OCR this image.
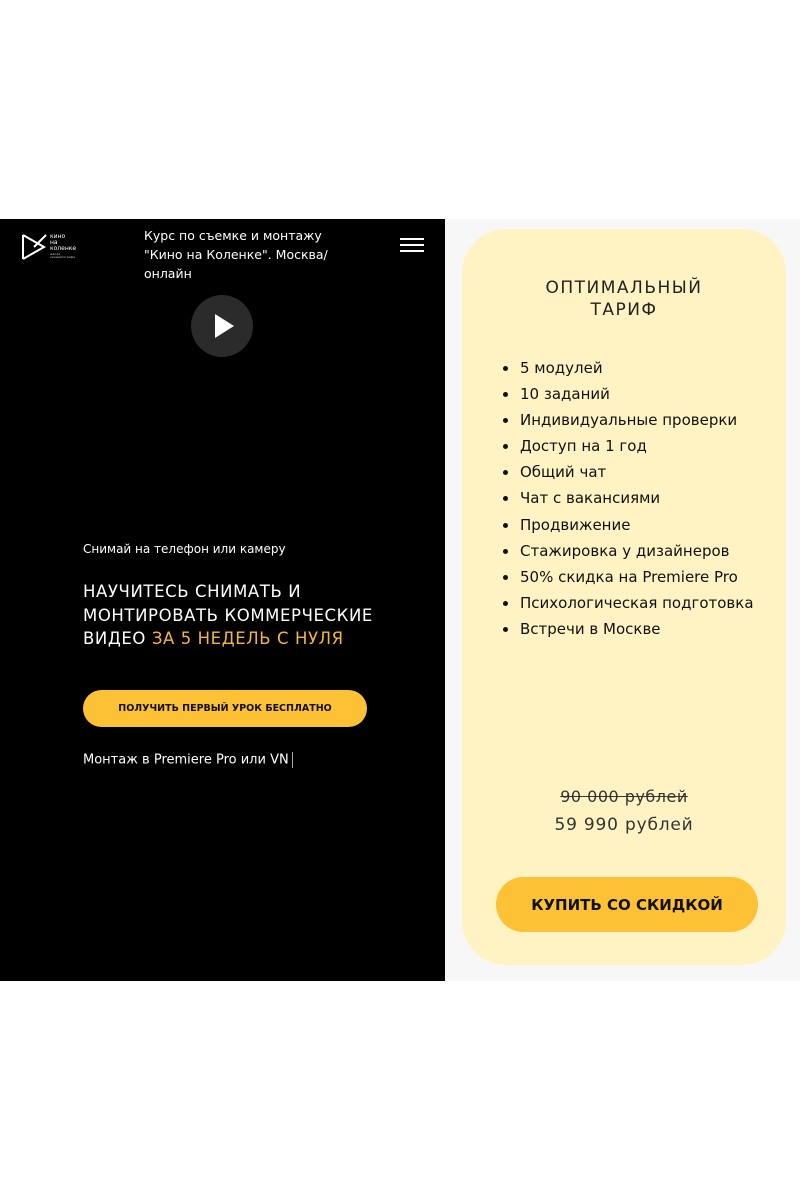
кино
на
коленке
школа кинематографа
Курс по съемке и монтажу "Кино на Коленке". Москва/онлайн
Снимай на телефон или камеру
НАУЧИТЕСЬ СНИМАТЬ И МОНТИРОВАТЬ КОММЕРЧЕСКИЕ ВИДЕО ЗА 5 НЕДЕЛЬ С НУЛЯ
ПОЛУЧИТЬ ПЕРВЫЙ УРОК БЕСПЛАТНО
Монтаж в Premiere Pro или VN
ОПТИМАЛЬНЫЙ
ТАРИФ
5 модулей
10 заданий
Индивидуальные проверки
Доступ на 1 год
Общий чат
Чат с вакансиями
Продвижение
Стажировка у дизайнеров
50% скидка на Premiere Pro
Психологическая подготовка
Встречи в Москве
90 000 рублей
59 990 рублей
КУПИТЬ СО СКИДКОЙ
